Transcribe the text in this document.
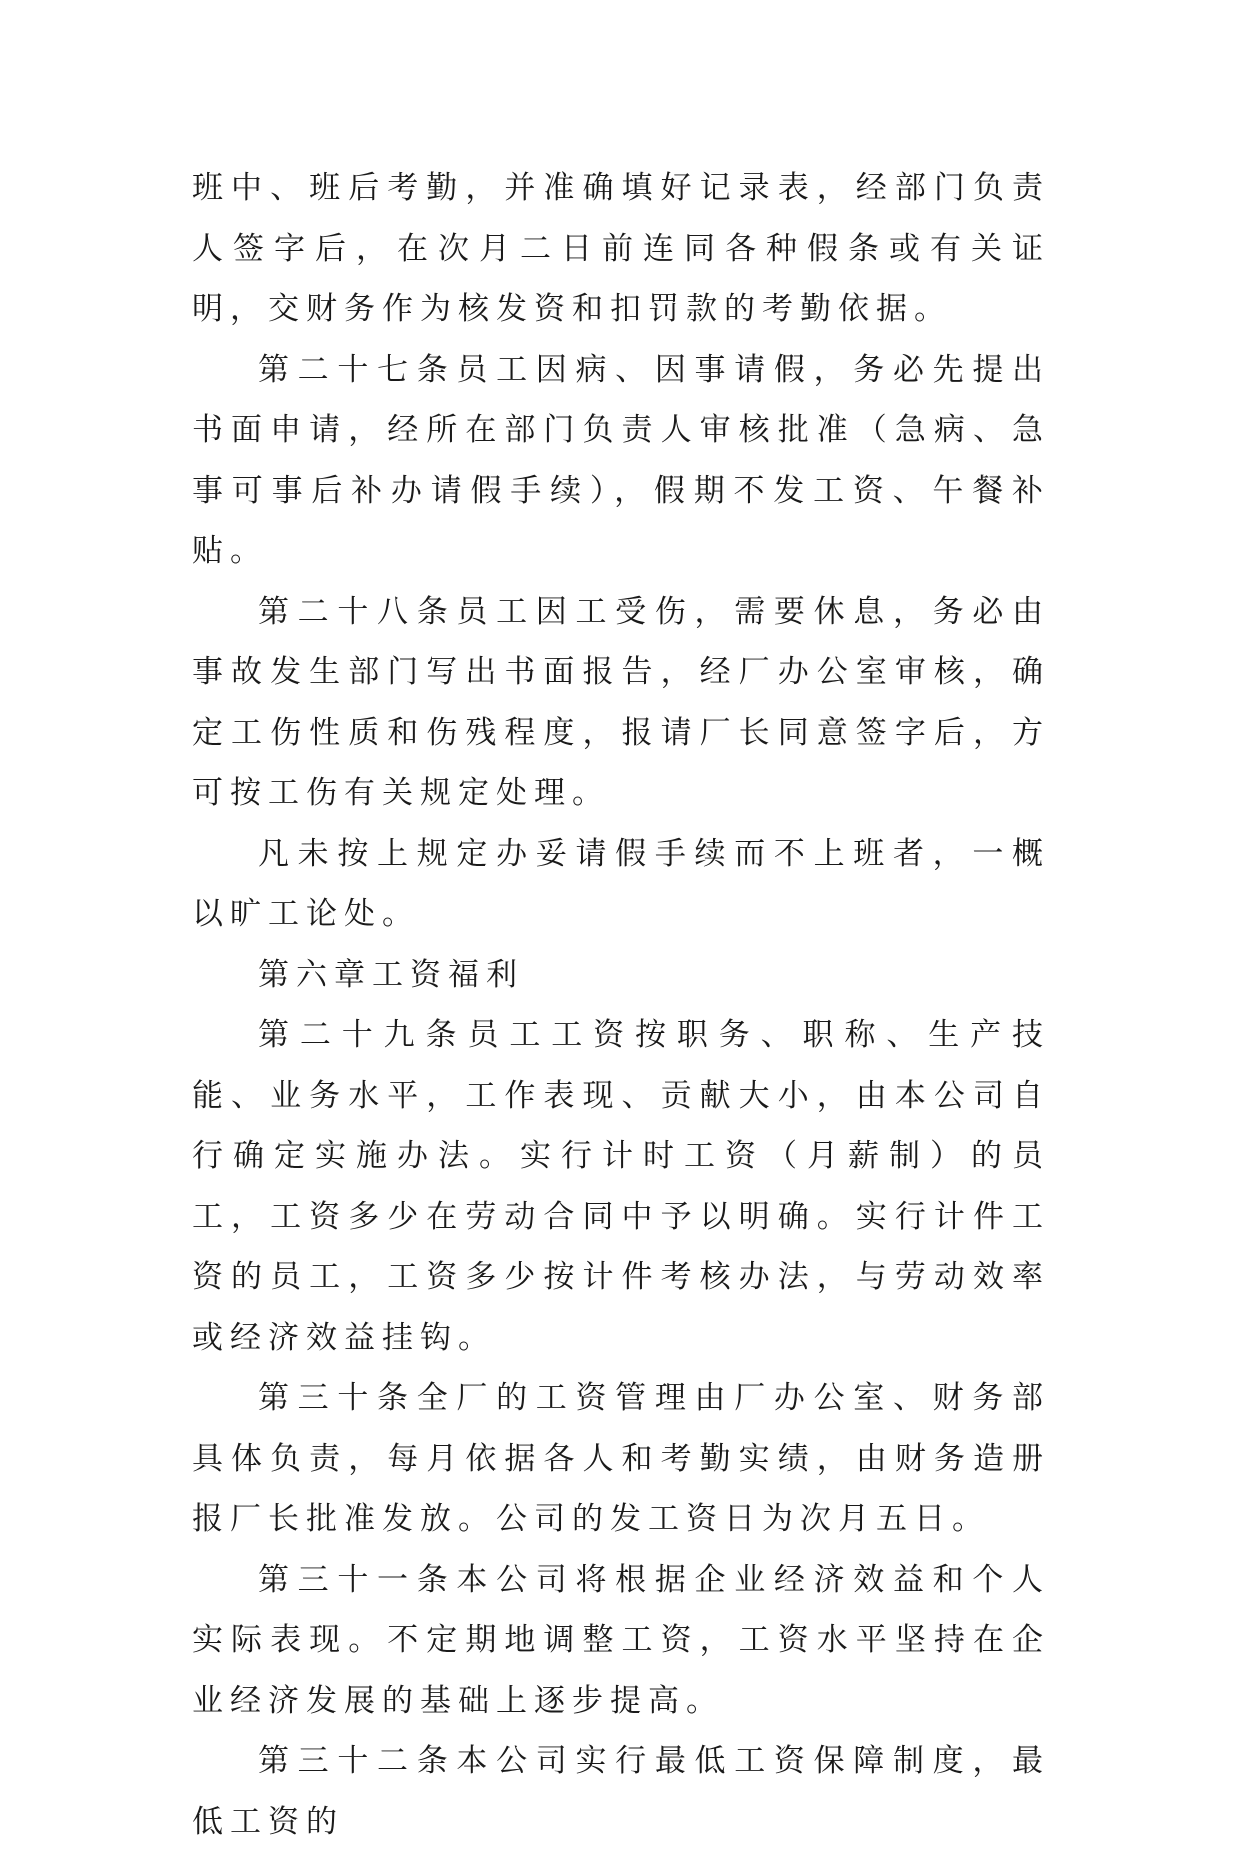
班中、班后考勤，并准确填好记录表，经部门负责人签字后，在次月二日前连同各种假条或有关证明，交财务作为核发资和扣罚款的考勤依据。

第二十七条员工因病、因事请假，务必先提出书面申请，经所在部门负责人审核批准（急病、急事可事后补办请假手续），假期不发工资、午餐补贴。

第二十八条员工因工受伤，需要休息，务必由事故发生部门写出书面报告，经厂办公室审核，确定工伤性质和伤残程度，报请厂长同意签字后，方可按工伤有关规定处理。

凡未按上规定办妥请假手续而不上班者，一概以旷工论处。

第六章工资福利

第二十九条员工工资按职务、职称、生产技能、业务水平，工作表现、贡献大小，由本公司自行确定实施办法。实行计时工资（月薪制）的员工，工资多少在劳动合同中予以明确。实行计件工资的员工，工资多少按计件考核办法，与劳动效率或经济效益挂钩。

第三十条全厂的工资管理由厂办公室、财务部具体负责，每月依据各人和考勤实绩，由财务造册报厂长批准发放。公司的发工资日为次月五日。

第三十一条本公司将根据企业经济效益和个人实际表现。不定期地调整工资，工资水平坚持在企业经济发展的基础上逐步提高。

第三十二条本公司实行最低工资保障制度，最低工资的
